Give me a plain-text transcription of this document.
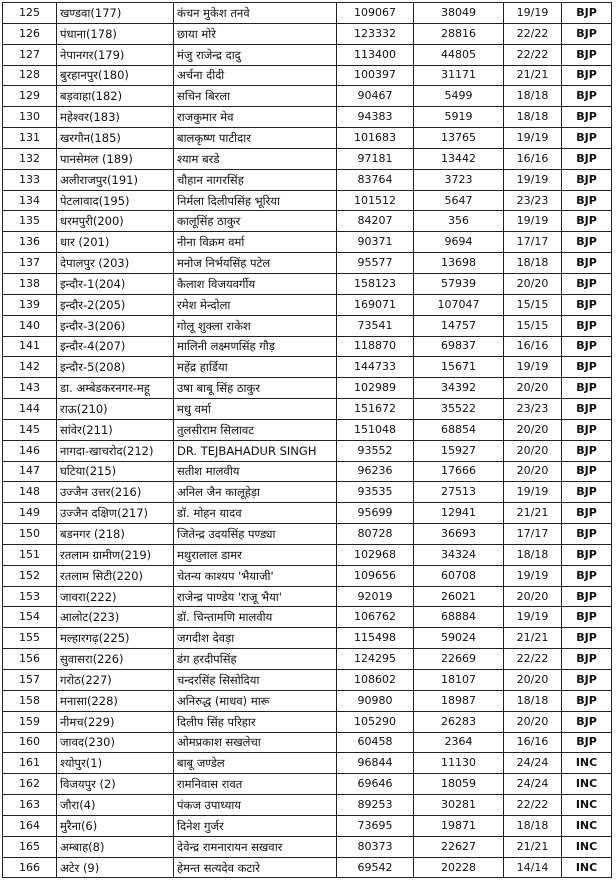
125	खण्डवा(177)	कंचन मुकेश तनवे	109067	38049	19/19	BJP
126	पंधाना(178)	छाया मोरे	123332	28816	22/22	BJP
127	नेपानगर(179)	मंजु राजेन्द्र दादु	113400	44805	22/22	BJP
128	बुरहानपुर(180)	अर्चना दीदी	100397	31171	21/21	BJP
129	बड़वाहा(182)	सचिन बिरला	90467	5499	18/18	BJP
130	महेश्वर(183)	राजकुमार मेव	94383	5919	18/18	BJP
131	खरगौन(185)	बालकृष्ण पाटीदार	101683	13765	19/19	BJP
132	पानसेमल (189)	श्याम बरडे	97181	13442	16/16	BJP
133	अलीराजपुर(191)	चौहान नागरसिंह	83764	3723	19/19	BJP
134	पेटलावाद(195)	निर्मला दिलीपसिंह भूरिया	101512	5647	23/23	BJP
135	धरमपुरी(200)	कालूसिंह ठाकुर	84207	356	19/19	BJP
136	धार (201)	नीना विक्रम वर्मा	90371	9694	17/17	BJP
137	देपालपुर (203)	मनोज निर्भयसिंह पटेल	95577	13698	18/18	BJP
138	इन्दौर-1(204)	कैलाश विजयवर्गीय	158123	57939	20/20	BJP
139	इन्दौर-2(205)	रमेश मेन्दोला	169071	107047	15/15	BJP
140	इन्दौर-3(206)	गोलू शुक्ला राकेश	73541	14757	15/15	BJP
141	इन्दौर-4(207)	मालिनी लक्ष्मणसिंह गौड़	118870	69837	16/16	BJP
142	इन्दौर-5(208)	महेंद्र हार्डिया	144733	15671	19/19	BJP
143	डा. अम्बेडकरनगर-महू	उषा बाबू सिंह ठाकुर	102989	34392	20/20	BJP
144	राऊ(210)	मधु वर्मा	151672	35522	23/23	BJP
145	सांवेर(211)	तुलसीराम सिलावट	151048	68854	20/20	BJP
146	नागदा-खाचरोद(212)	DR. TEJBAHADUR SINGH	93552	15927	20/20	BJP
147	घटिया(215)	सतीश मालवीय	96236	17666	20/20	BJP
148	उज्जैन उत्तर(216)	अनिल जैन कालूहेड़ा	93535	27513	19/19	BJP
149	उज्जैन दक्षिण(217)	डॉ. मोहन यादव	95699	12941	21/21	BJP
150	बडनगर (218)	जितेन्द्र उदयसिंह पण्ड्या	80728	36693	17/17	BJP
151	रतलाम ग्रामीण(219)	मथुरालाल डामर	102968	34324	18/18	BJP
152	रतलाम सिटी(220)	चेतन्य काश्यप 'भैयाजी'	109656	60708	19/19	BJP
153	जावरा(222)	राजेन्द्र पाण्डेय 'राजू भैया'	92019	26021	20/20	BJP
154	आलोट(223)	डॉ. चिन्तामणि मालवीय	106762	68884	19/19	BJP
155	मल्हारगढ़(225)	जगदीश देवड़ा	115498	59024	21/21	BJP
156	सुवासरा(226)	डंग हरदीपसिंह	124295	22669	22/22	BJP
157	गरोठ(227)	चन्दरसिंह सिसोदिया	108602	18107	20/20	BJP
158	मनासा(228)	अनिरुद्ध (माधव) मारू	90980	18987	18/18	BJP
159	नीमच(229)	दिलीप सिंह परिहार	105290	26283	20/20	BJP
160	जावद(230)	ओमप्रकाश सखलेचा	60458	2364	16/16	BJP
161	श्योपुर(1)	बाबू जण्डेल	96844	11130	24/24	INC
162	विजयपुर (2)	रामनिवास रावत	69646	18059	24/24	INC
163	जौरा(4)	पंकज उपाध्याय	89253	30281	22/22	INC
164	मुरैना(6)	दिनेश गुर्जर	73695	19871	18/18	INC
165	अम्बाह(8)	देवेन्द्र रामनारायन सखवार	80373	22627	21/21	INC
166	अटेर (9)	हेमन्त सत्यदेव कटारे	69542	20228	14/14	INC
